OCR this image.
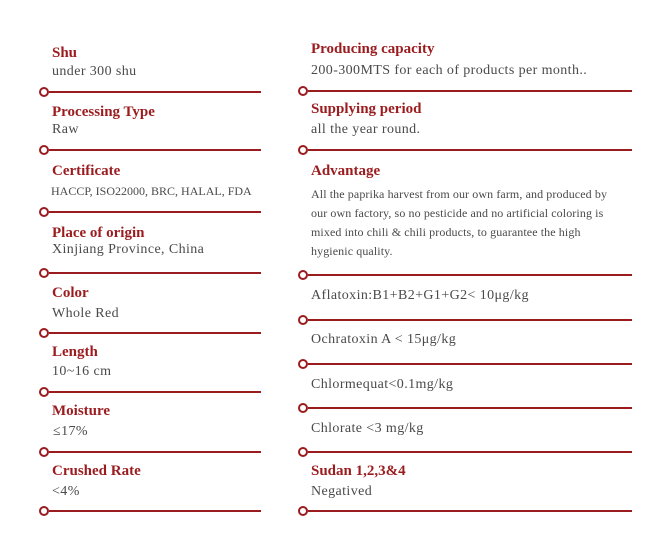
Shu
under 300 shu
Processing Type
Raw
Certificate
HACCP, ISO22000, BRC, HALAL, FDA
Place of origin
Xinjiang Province, China
Color
Whole Red
Length
10~16 cm
Moisture
≤17%
Crushed Rate
<4%
Producing capacity
200-300MTS for each of products per month..
Supplying period
all the year round.
Advantage
All the paprika harvest from our own farm, and produced by our own factory, so no pesticide and no artificial coloring is mixed into chili & chili products, to guarantee the high hygienic quality.
Aflatoxin:B1+B2+G1+G2< 10μg/kg
Ochratoxin A < 15μg/kg
Chlormequat<0.1mg/kg
Chlorate <3 mg/kg
Sudan 1,2,3&4
Negatived
